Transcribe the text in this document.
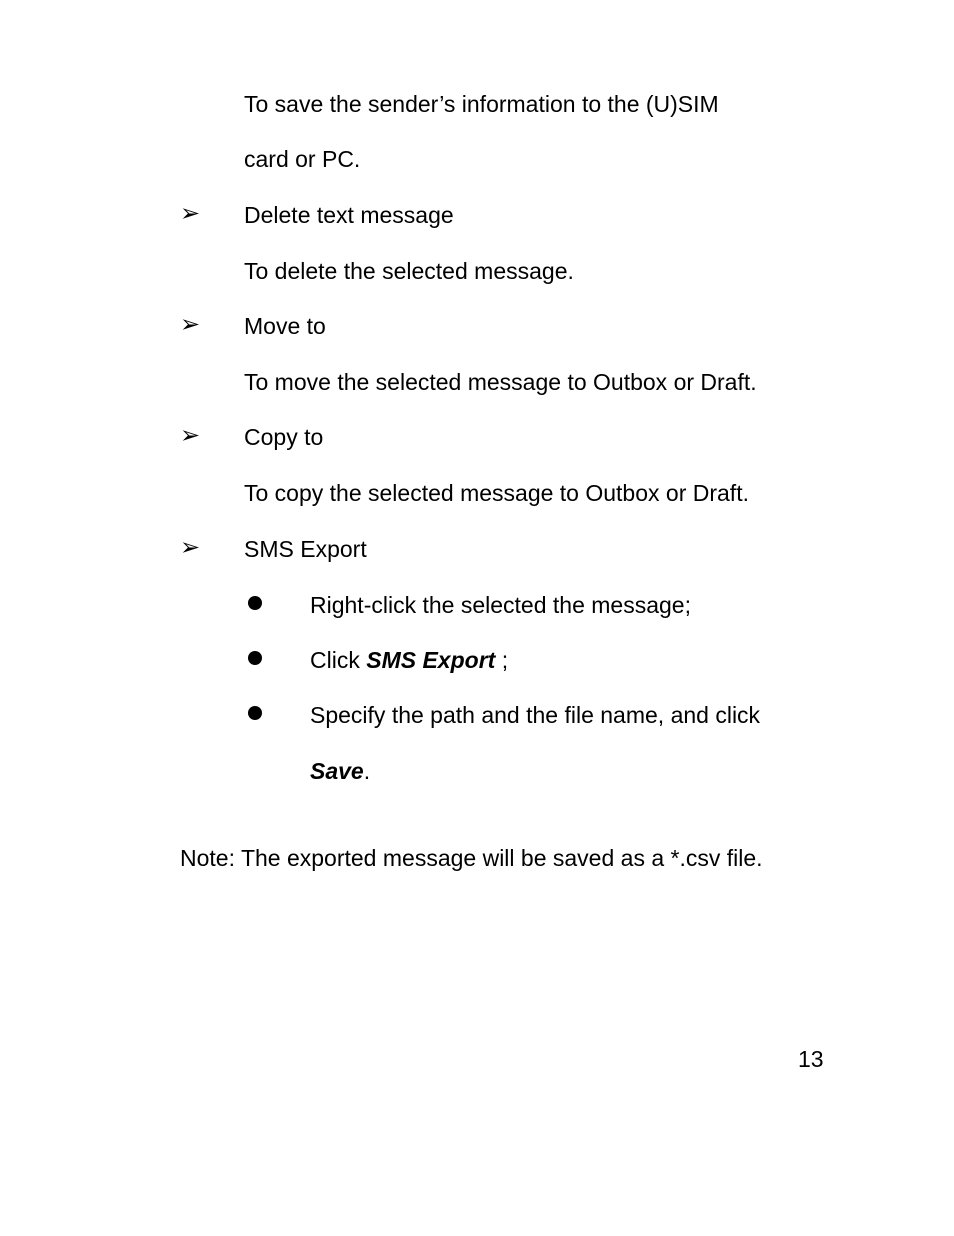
To save the sender’s information to the (U)SIM
card or PC.
➢ Delete text message
To delete the selected message.
➢ Move to
To move the selected message to Outbox or Draft.
➢ Copy to
To copy the selected message to Outbox or Draft.
➢ SMS Export
Right-click the selected the message;
Click SMS Export ;
Specify the path and the file name, and click
Save.
Note: The exported message will be saved as a *.csv file.
13
